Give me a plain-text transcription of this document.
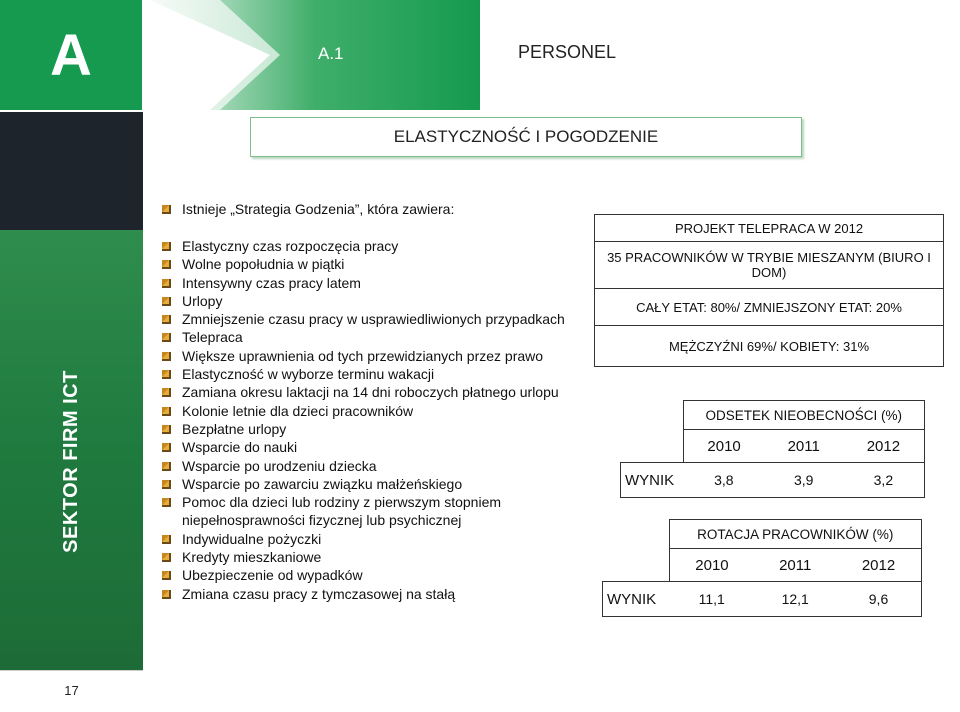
A	A.1	PERSONEL
SEKTOR FIRM ICT
17
ELASTYCZNOŚĆ I POGODZENIE
Istnieje „Strategia Godzenia”, która zawiera:
Elastyczny czas rozpoczęcia pracy
Wolne popołudnia w piątki
Intensywny czas pracy latem
Urlopy
Zmniejszenie czasu pracy w usprawiedliwionych przypadkach
Telepraca
Większe uprawnienia od tych przewidzianych przez prawo
Elastyczność w wyborze terminu wakacji
Zamiana okresu laktacji na 14 dni roboczych płatnego urlopu
Kolonie letnie dla dzieci pracowników
Bezpłatne urlopy
Wsparcie do nauki
Wsparcie po urodzeniu dziecka
Wsparcie po zawarciu związku małżeńskiego
Pomoc dla dzieci lub rodziny z pierwszym stopniem niepełnosprawności fizycznej lub psychicznej
Indywidualne pożyczki
Kredyty mieszkaniowe
Ubezpieczenie od wypadków
Zmiana czasu pracy z tymczasowej na stałą
PROJEKT TELEPRACA W 2012
35 PRACOWNIKÓW W TRYBIE MIESZANYM (BIURO I DOM)
CAŁY ETAT: 80%/ ZMNIEJSZONY ETAT: 20%
MĘŻCZYŹNI 69%/ KOBIETY: 31%
	ODSETEK NIEOBECNOŚCI (%)		
	2010	2011	2012
WYNIK	3,8	3,9	3,2
	ROTACJA PRACOWNIKÓW (%)		
	2010	2011	2012
WYNIK	11,1	12,1	9,6
